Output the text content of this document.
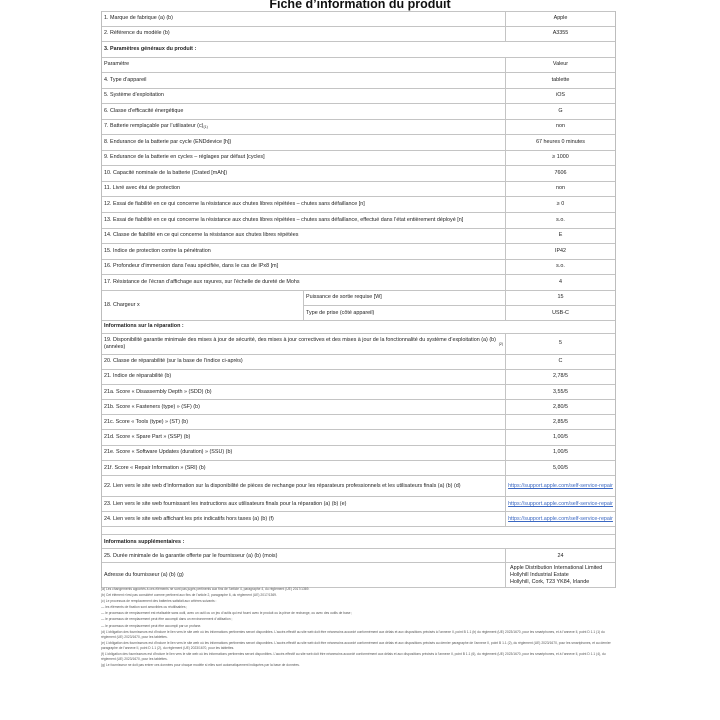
Fiche d’information du produit
1. Marque de fabrique (a) (b)	Apple
2. Référence du modèle (b)	A3355
3. Paramètres généraux du produit :
Paramètre	Valeur
4. Type d’appareil	tablette
5. Système d’exploitation	iOS
6. Classe d’efficacité énergétique	G
7. Batterie remplaçable par l’utilisateur (c) (1)	non
8. Endurance de la batterie par cycle (ENDdevice [h])	67 heures 0 minutes
9. Endurance de la batterie en cycles – réglages par défaut [cycles]	≥ 1000
10. Capacité nominale de la batterie (Crated [mAh])	7606
11. Livré avec étui de protection	non
12. Essai de fiabilité en ce qui concerne la résistance aux chutes libres répétées – chutes sans défaillance [n]	≥ 0
13. Essai de fiabilité en ce qui concerne la résistance aux chutes libres répétées – chutes sans défaillance, effectué dans l’état entièrement déployé [n]	s.o.
14. Classe de fiabilité en ce qui concerne la résistance aux chutes libres répétées	E
15. Indice de protection contre la pénétration	IP42
16. Profondeur d’immersion dans l’eau spécifiée, dans le cas de IPx8 [m]	s.o.
17. Résistance de l’écran d’affichage aux rayures, sur l’échelle de dureté de Mohs	4
18. Chargeur x
Puissance de sortie requise [W]	15
Type de prise (côté appareil)	USB-C
Informations sur la réparation :
19. Disponibilité garantie minimale des mises à jour de sécurité, des mises à jour correctives et des mises à jour de la fonctionnalité du système d’exploitation (a) (b) (années)	(2)	5
20. Classe de réparabilité (sur la base de l’indice ci-après)	C
21. Indice de réparabilité (b)	2,78/5
21a. Score « Disassembly Depth » (SDD) (b)	3,55/5
21b. Score « Fasteners (type) » (SF) (b)	2,80/5
21c. Score « Tools (type) » (ST) (b)	2,85/5
21d. Score « Spare Part » (SSP) (b)	1,00/5
21e. Score « Software Updates (duration) » (SSU) (b)	1,00/5
21f. Score « Repair Information » (SRI) (b)	5,00/5
22. Lien vers le site web d’information sur la disponibilité de pièces de rechange pour les réparateurs professionnels et les utilisateurs finals (a) (b) (d)	https://support.apple.com/self-service-repair
23. Lien vers le site web fournissant les instructions aux utilisateurs finals pour la réparation (a) (b) (e)	https://support.apple.com/self-service-repair
24. Lien vers le site web affichant les prix indicatifs hors taxes (a) (b) (f)	https://support.apple.com/self-service-repair
Informations supplémentaires :
25. Durée minimale de la garantie offerte par le fournisseur (a) (b) (mois)	24
Adresse du fournisseur (a) (b) (g)
Apple Distribution International Limited
Hollyhill Industrial Estate
Hollyhill, Cork, T23 YK84, Irlande

(a) Les changements apportés à ces éléments ne sont pas jugés pertinents aux fins de l’article 4, paragraphe 4, du règlement (UE) 2017/1369.

(b) Cet élément n’est pas considéré comme pertinent aux fins de l’article 2, paragraphe 6, du règlement (UE) 2017/1369.

(c) Le processus de remplacement des batteries satisfait aux critères suivants :

— les éléments de fixation sont amovibles ou réutilisables ;

— le processus de remplacement est réalisable sans outil, avec un outil ou un jeu d’outils qui est fourni avec le produit ou la pièce de rechange, ou avec des outils de base ;

— le processus de remplacement peut être accompli dans un environnement d’utilisation ;

— le processus de remplacement peut être accompli par un profane.

(d) L’obligation des fournisseurs est d’inclure le lien vers le site web où les informations pertinentes seront disponibles. L’accès effectif au site web doit être néanmoins accordé conformément aux délais et aux dispositions précisés à l’annexe II, point B 1.1 (b) du règlement (UE) 2023/1670, pour les smartphones, et à l’annexe II, point D 1.1 (1) du règlement (UE) 2023/1670, pour les tablettes.

(e) L’obligation des fournisseurs est d’inclure le lien vers le site web où les informations pertinentes seront disponibles. L’accès effectif au site web doit être néanmoins accordé conformément aux délais et aux dispositions précisés au dernier paragraphe de l’annexe II, point B 1.1 (2), du règlement (UE) 2023/1670, pour les smartphones, et au dernier paragraphe de l’annexe II, point D 1.1 (2), du règlement (UE) 2023/1670, pour les tablettes.

(f) L’obligation des fournisseurs est d’inclure le lien vers le site web où les informations pertinentes seront disponibles. L’accès effectif au site web doit être néanmoins accordé conformément aux délais et aux dispositions précisés à l’annexe II, point B 1.1 (6), du règlement (UE) 2023/1670, pour les smartphones, et à l’annexe II, point D 1.1 (4), du règlement (UE) 2023/1670, pour les tablettes.

(g) Le fournisseur ne doit pas entrer ces données pour chaque modèle si elles sont automatiquement indiquées par la base de données.
